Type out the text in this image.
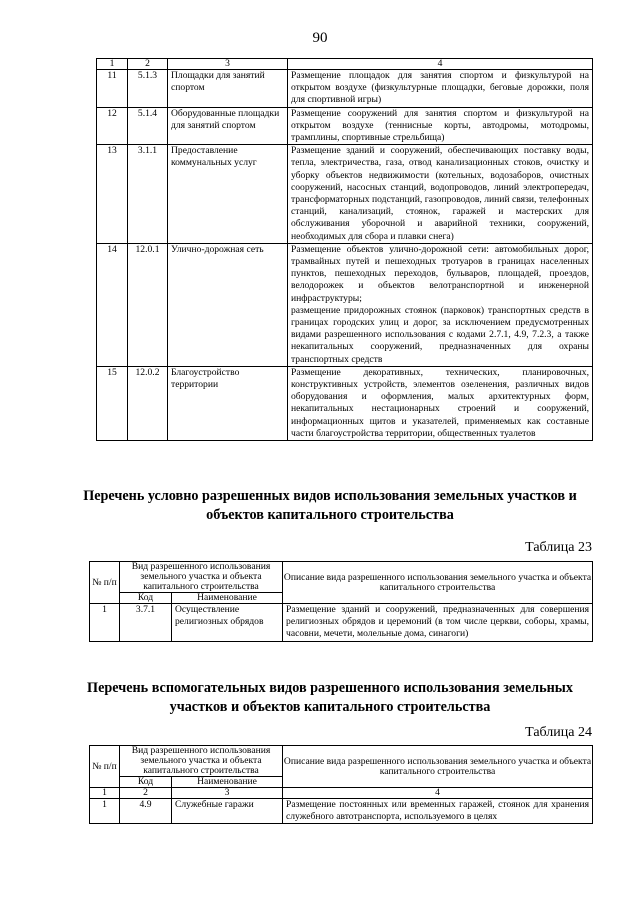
90
1	2	3	4
11	5.1.3	Площадки для занятий спортом	Размещение площадок для занятия спортом и физкультурой на открытом воздухе (физкультурные площадки, беговые дорожки, поля для спортивной игры)
12	5.1.4	Оборудованные площадки для занятий спортом	Размещение сооружений для занятия спортом и физкультурой на открытом воздухе (теннисные корты, автодромы, мотодромы, трамплины, спортивные стрельбища)
13	3.1.1	Предоставление коммунальных услуг	Размещение зданий и сооружений, обеспечивающих поставку воды, тепла, электричества, газа, отвод канализационных стоков, очистку и уборку объектов недвижимости (котельных, водозаборов, очистных сооружений, насосных станций, водопроводов, линий электропередач, трансформаторных подстанций, газопроводов, линий связи, телефонных станций, канализаций, стоянок, гаражей и мастерских для обслуживания уборочной и аварийной техники, сооружений, необходимых для сбора и плавки снега)
14	12.0.1	Улично-дорожная сеть	Размещение объектов улично-дорожной сети: автомобильных дорог, трамвайных путей и пешеходных тротуаров в границах населенных пунктов, пешеходных переходов, бульваров, площадей, проездов, велодорожек и объектов велотранспортной и инженерной инфраструктуры;
размещение придорожных стоянок (парковок) транспортных средств в границах городских улиц и дорог, за исключением предусмотренных видами разрешенного использования с кодами 2.7.1, 4.9, 7.2.3, а также некапитальных сооружений, предназначенных для охраны транспортных средств

15	12.0.2	Благоустройство территории	Размещение декоративных, технических, планировочных, конструктивных устройств, элементов озеленения, различных видов оборудования и оформления, малых архитектурных форм, некапитальных нестационарных строений и сооружений, информационных щитов и указателей, применяемых как составные части благоустройства территории, общественных туалетов
Перечень условно разрешенных видов использования земельных участков и объектов капитального строительства
Таблица 23
№ п/п	Вид разрешенного использования земельного участка и объекта капитального строительства		Описание вида разрешенного использования земельного участка и объекта капитального строительства
	Код	Наименование	
1	3.7.1	Осуществление религиозных обрядов	Размещение зданий и сооружений, предназначенных для совершения религиозных обрядов и церемоний (в том числе церкви, соборы, храмы, часовни, мечети, молельные дома, синагоги)
Перечень вспомогательных видов разрешенного использования земельных участков и объектов капитального строительства
Таблица 24
№ п/п	Вид разрешенного использования земельного участка и объекта капитального строительства		Описание вида разрешенного использования земельного участка и объекта капитального строительства
	Код	Наименование	
1	2	3	4
1	4.9	Служебные гаражи	Размещение постоянных или временных гаражей, стоянок для хранения служебного автотранспорта, используемого в целях
